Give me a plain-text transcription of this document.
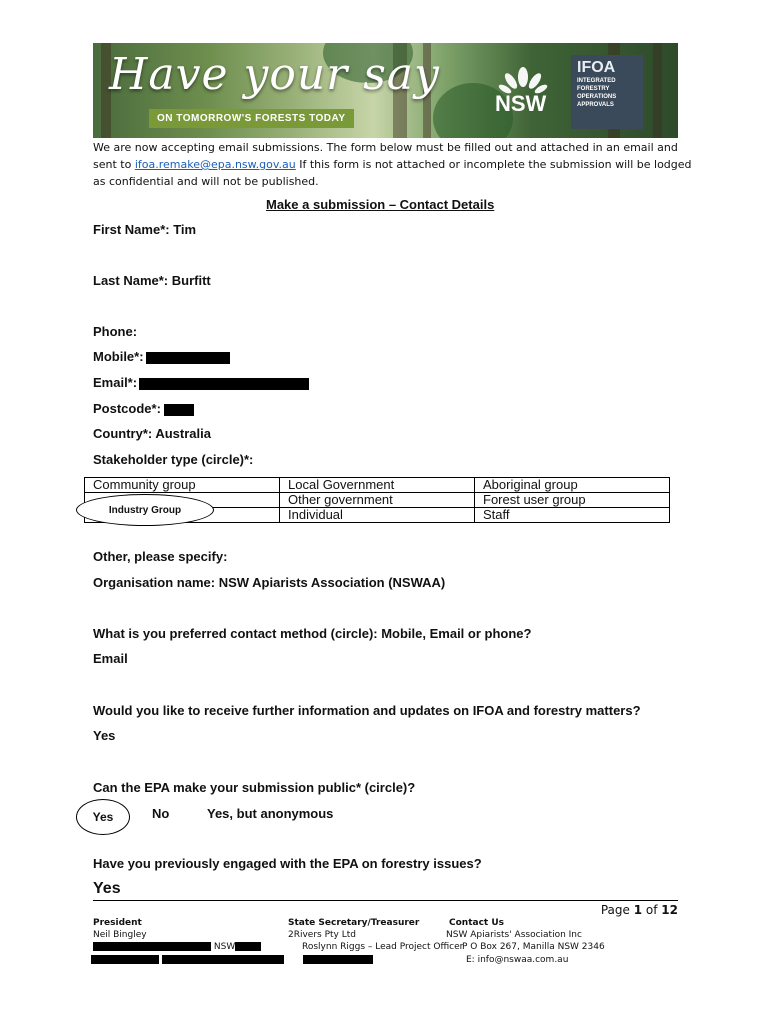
Have your say
ON TOMORROW'S FORESTS TODAY
NSW
IFOA
INTEGRATED
FORESTRY
OPERATIONS
APPROVALS
We are now accepting email submissions. The form below must be filled out and attached in an email and sent to ifoa.remake@epa.nsw.gov.au If this form is not attached or incomplete the submission will be lodged as confidential and will not be published.
Make a submission – Contact Details
First Name*: Tim
Last Name*: Burfitt
Phone:
Mobile*:
Email*:
Postcode*:
Country*: Australia
Stakeholder type (circle)*:
Community group	Local Government	Aboriginal group
	Other government	Forest user group
	Individual	Staff
Industry Group
Other, please specify:
Organisation name: NSW Apiarists Association (NSWAA)
What is you preferred contact method (circle): Mobile, Email or phone?
Email
Would you like to receive further information and updates on IFOA and forestry matters?
Yes
Can the EPA make your submission public* (circle)?
Yes	No	Yes, but anonymous
Have you previously engaged with the EPA on forestry issues?
Yes
Page 1 of 12
President
Neil Bingley
NSW

State Secretary/Treasurer
2Rivers Pty Ltd
Roslynn Riggs – Lead Project Officer
Contact Us
NSW Apiarists' Association Inc
P O Box 267, Manilla NSW 2346
E: info@nswaa.com.au
